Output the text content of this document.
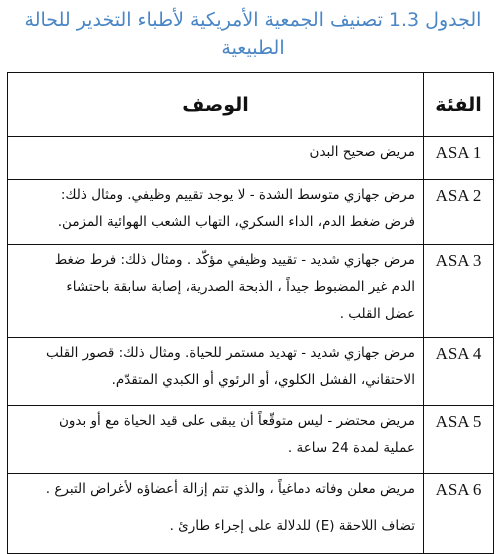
الجدول 1.3 تصنيف الجمعية الأمريكية لأطباء التخدير للحالة
الطبيعية
الفئة	الوصف
ASA 1	مريض صحيح البدن

ASA 2	مرض جهازي متوسط الشدة - لا يوجد تقييم وظيفي. ومثال ذلك:
فرض ضغط الدم، الداء السكري، التهاب الشعب الهوائية المزمن.

ASA 3	مرض جهازي شديد - تقييد وظيفي مؤكّد . ومثال ذلك: فرط ضغط
الدم غير المضبوط جيداً ، الذبحة الصدرية، إصابة سابقة باحتشاء
عضل القلب .

ASA 4	مرض جهازي شديد - تهديد مستمر للحياة. ومثال ذلك: قصور القلب
الاحتقاني، الفشل الكلوي، أو الرئوي أو الكبدي المتقدّم.

ASA 5	مريض محتضر - ليس متوقّعاً أن يبقى على قيد الحياة مع أو بدون
عملية لمدة 24 ساعة .

ASA 6	مريض معلن وفاته دماغياً ، والذي تتم إزالة أعضاؤه لأغراض التبرع .
تضاف اللاحقة (E) للدلالة على إجراء طارئ .
